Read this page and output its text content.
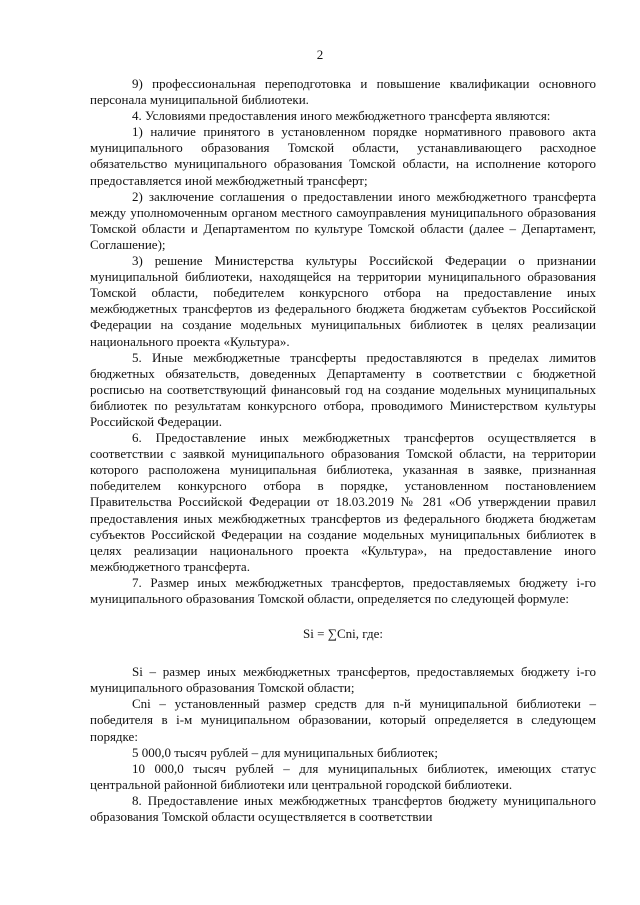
2

9) профессиональная переподготовка и повышение квалификации основного персонала муниципальной библиотеки.

4. Условиями предоставления иного межбюджетного трансферта являются:

1) наличие принятого в установленном порядке нормативного правового акта муниципального образования Томской области, устанавливающего расходное обязательство муниципального образования Томской области, на исполнение которого предоставляется иной межбюджетный трансферт;

2) заключение соглашения о предоставлении иного межбюджетного трансферта между уполномоченным органом местного самоуправления муниципального образования Томской области и Департаментом по культуре Томской области (далее – Департамент, Соглашение);

3) решение Министерства культуры Российской Федерации о признании муниципальной библиотеки, находящейся на территории муниципального образования Томской области, победителем конкурсного отбора на предоставление иных межбюджетных трансфертов из федерального бюджета бюджетам субъектов Российской Федерации на создание модельных муниципальных библиотек в целях реализации национального проекта «Культура».

5. Иные межбюджетные трансферты предоставляются в пределах лимитов бюджетных обязательств, доведенных Департаменту в соответствии с бюджетной росписью на соответствующий финансовый год на создание модельных муниципальных библиотек по результатам конкурсного отбора, проводимого Министерством культуры Российской Федерации.

6. Предоставление иных межбюджетных трансфертов осуществляется в соответствии с заявкой муниципального образования Томской области, на территории которого расположена муниципальная библиотека, указанная в заявке, признанная победителем конкурсного отбора в порядке, установленном постановлением Правительства Российской Федерации от 18.03.2019 № 281 «Об утверждении правил предоставления иных межбюджетных трансфертов из федерального бюджета бюджетам субъектов Российской Федерации на создание модельных муниципальных библиотек в целях реализации национального проекта «Культура», на предоставление иного межбюджетного трансферта.

7. Размер иных межбюджетных трансфертов, предоставляемых бюджету i-го муниципального образования Томской области, определяется по следующей формуле:

Si = ∑Cni, где:

Si – размер иных межбюджетных трансфертов, предоставляемых бюджету i-го муниципального образования Томской области;

Cni – установленный размер средств для n-й муниципальной библиотеки – победителя в i-м муниципальном образовании, который определяется в следующем порядке:

5 000,0 тысяч рублей – для муниципальных библиотек;

10 000,0 тысяч рублей – для муниципальных библиотек, имеющих статус центральной районной библиотеки или центральной городской библиотеки.

8. Предоставление иных межбюджетных трансфертов бюджету муниципального образования Томской области осуществляется в соответствии
